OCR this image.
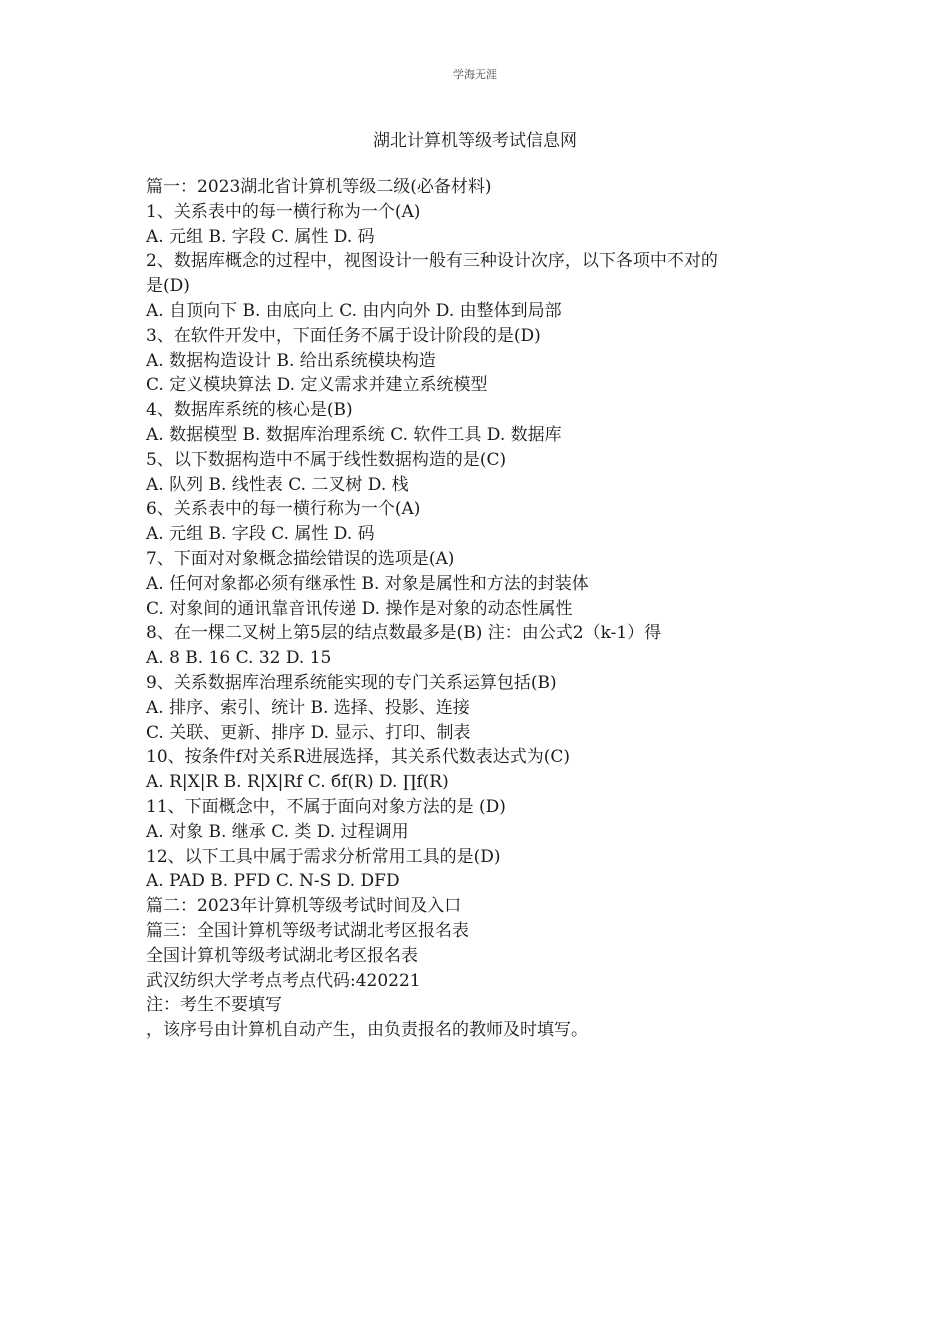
学海无涯
湖北计算机等级考试信息网
篇一：2023湖北省计算机等级二级(必备材料)
1、关系表中的每一横行称为一个(A)
A. 元组 B. 字段 C. 属性 D. 码
2、数据库概念的过程中，视图设计一般有三种设计次序，以下各项中不对的
是(D)
A. 自顶向下 B. 由底向上 C. 由内向外 D. 由整体到局部
3、在软件开发中，下面任务不属于设计阶段的是(D)
A. 数据构造设计 B. 给出系统模块构造
C. 定义模块算法 D. 定义需求并建立系统模型
4、数据库系统的核心是(B)
A. 数据模型 B. 数据库治理系统 C. 软件工具 D. 数据库
5、以下数据构造中不属于线性数据构造的是(C)
A. 队列 B. 线性表 C. 二叉树 D. 栈
6、关系表中的每一横行称为一个(A)
A. 元组 B. 字段 C. 属性 D. 码
7、下面对对象概念描绘错误的选项是(A)
A. 任何对象都必须有继承性 B. 对象是属性和方法的封装体
C. 对象间的通讯靠音讯传递 D. 操作是对象的动态性属性
8、在一棵二叉树上第5层的结点数最多是(B) 注：由公式2（k-1）得
A. 8 B. 16 C. 32 D. 15
9、关系数据库治理系统能实现的专门关系运算包括(B)
A. 排序、索引、统计 B. 选择、投影、连接
C. 关联、更新、排序 D. 显示、打印、制表
10、按条件f对关系R进展选择，其关系代数表达式为(C)
A. R|X|R B. R|X|Rf C. бf(R) D. ∏f(R)
11、下面概念中，不属于面向对象方法的是 (D)
A. 对象 B. 继承 C. 类 D. 过程调用
12、以下工具中属于需求分析常用工具的是(D)
A. PAD B. PFD C. N-S D. DFD
篇二：2023年计算机等级考试时间及入口
篇三：全国计算机等级考试湖北考区报名表
全国计算机等级考试湖北考区报名表
武汉纺织大学考点考点代码:420221
注：考生不要填写
，该序号由计算机自动产生，由负责报名的教师及时填写。
